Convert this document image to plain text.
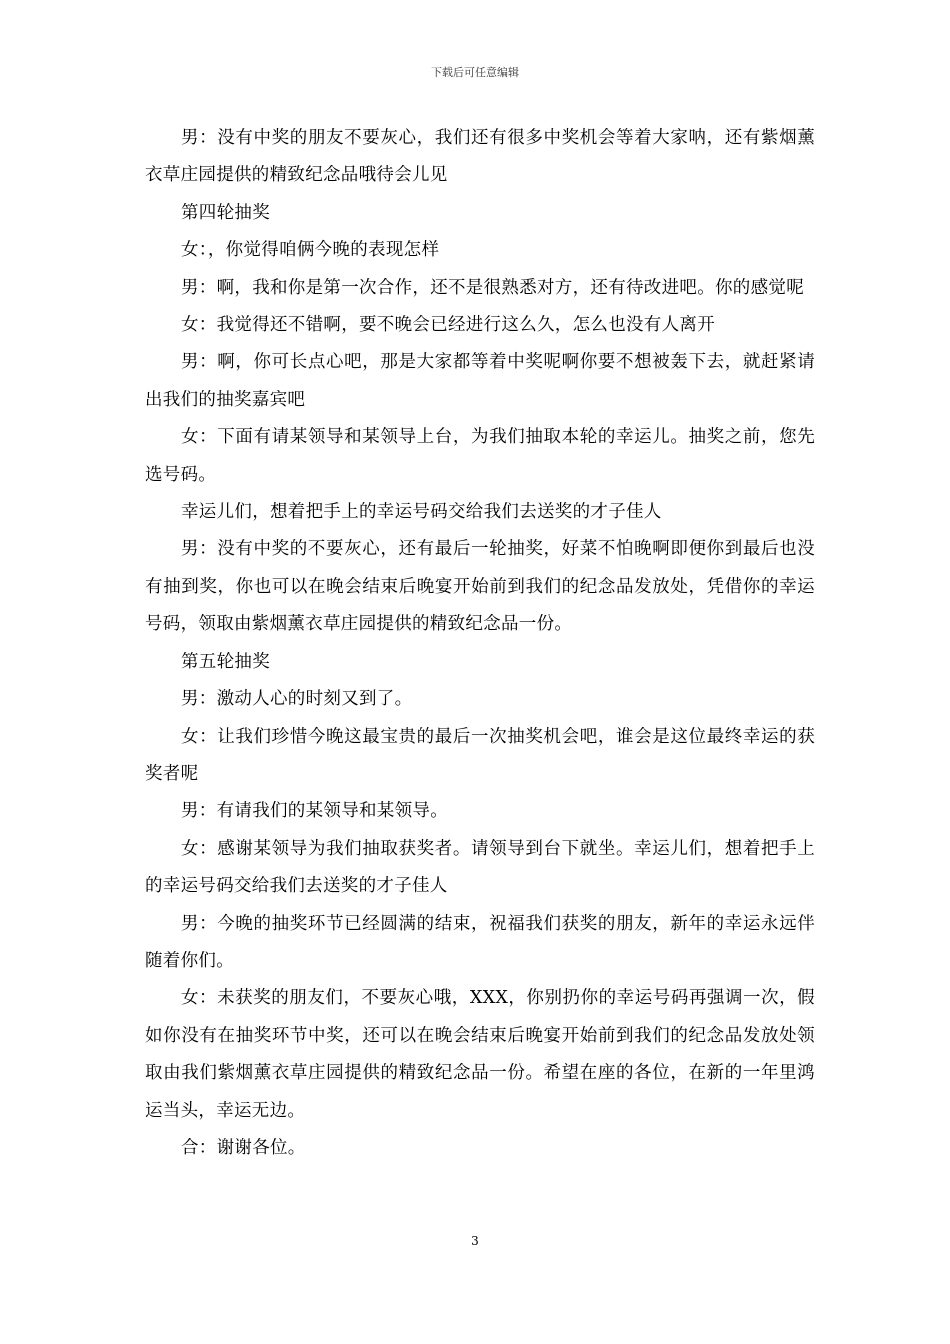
下载后可任意编辑

男：没有中奖的朋友不要灰心，我们还有很多中奖机会等着大家呐，还有紫烟薰衣草庄园提供的精致纪念品哦待会儿见

第四轮抽奖

女：，你觉得咱俩今晚的表现怎样

男：啊，我和你是第一次合作，还不是很熟悉对方，还有待改进吧。你的感觉呢

女：我觉得还不错啊，要不晚会已经进行这么久，怎么也没有人离开

男：啊，你可长点心吧，那是大家都等着中奖呢啊你要不想被轰下去，就赶紧请出我们的抽奖嘉宾吧

女：下面有请某领导和某领导上台，为我们抽取本轮的幸运儿。抽奖之前，您先选号码。

幸运儿们，想着把手上的幸运号码交给我们去送奖的才子佳人

男：没有中奖的不要灰心，还有最后一轮抽奖，好菜不怕晚啊即便你到最后也没有抽到奖，你也可以在晚会结束后晚宴开始前到我们的纪念品发放处，凭借你的幸运号码，领取由紫烟薰衣草庄园提供的精致纪念品一份。

第五轮抽奖

男：激动人心的时刻又到了。

女：让我们珍惜今晚这最宝贵的最后一次抽奖机会吧，谁会是这位最终幸运的获奖者呢

男：有请我们的某领导和某领导。

女：感谢某领导为我们抽取获奖者。请领导到台下就坐。幸运儿们，想着把手上的幸运号码交给我们去送奖的才子佳人

男：今晚的抽奖环节已经圆满的结束，祝福我们获奖的朋友，新年的幸运永远伴随着你们。

女：未获奖的朋友们，不要灰心哦，XXX，你别扔你的幸运号码再强调一次，假如你没有在抽奖环节中奖，还可以在晚会结束后晚宴开始前到我们的纪念品发放处领取由我们紫烟薰衣草庄园提供的精致纪念品一份。希望在座的各位，在新的一年里鸿运当头，幸运无边。

合：谢谢各位。

3
